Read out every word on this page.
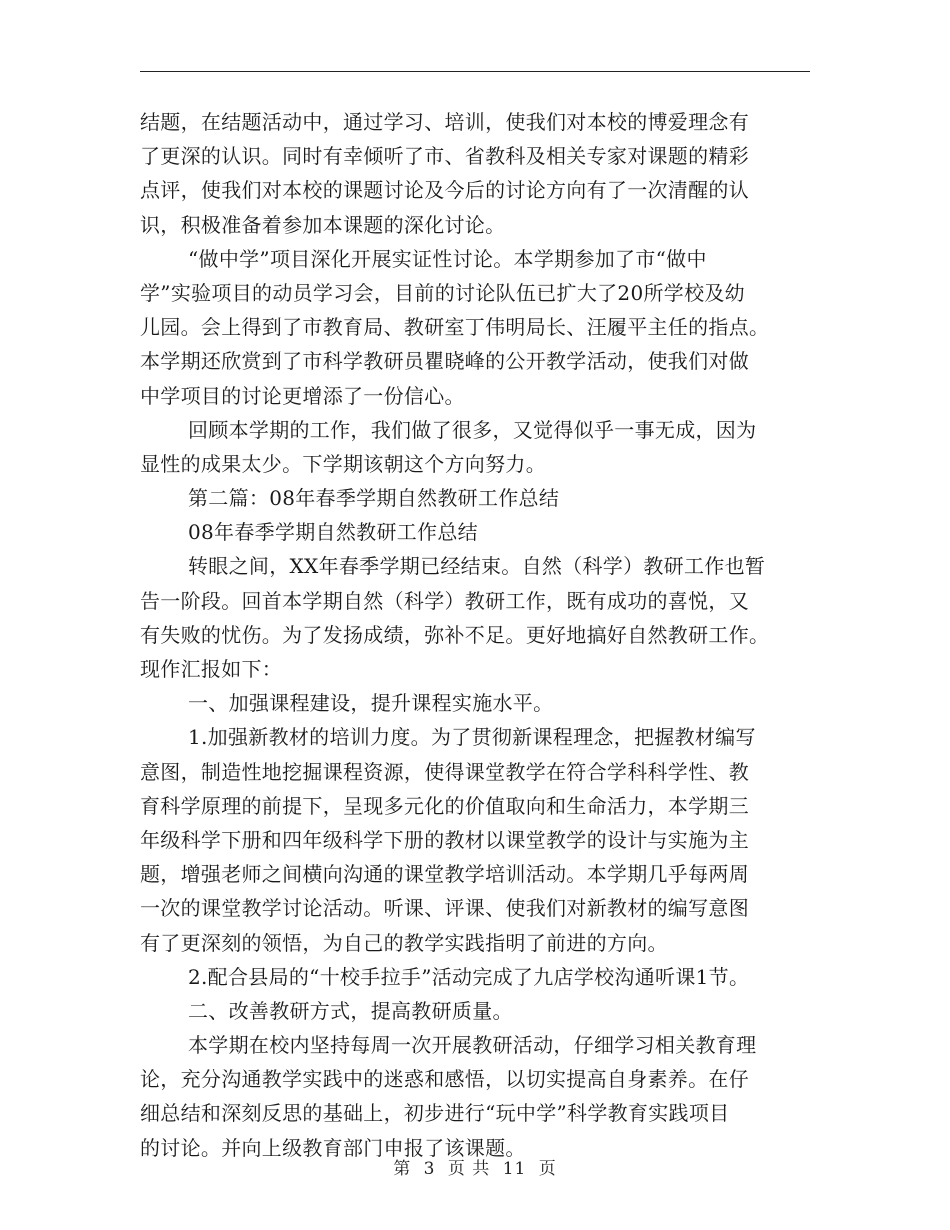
结题，在结题活动中，通过学习、培训，使我们对本校的博爱理念有
了更深的认识。同时有幸倾听了市、省教科及相关专家对课题的精彩
点评，使我们对本校的课题讨论及今后的讨论方向有了一次清醒的认
识，积极准备着参加本课题的深化讨论。
“做中学”项目深化开展实证性讨论。本学期参加了市“做中
学”实验项目的动员学习会，目前的讨论队伍已扩大了20所学校及幼
儿园。会上得到了市教育局、教研室丁伟明局长、汪履平主任的指点。
本学期还欣赏到了市科学教研员瞿晓峰的公开教学活动，使我们对做
中学项目的讨论更增添了一份信心。
回顾本学期的工作，我们做了很多，又觉得似乎一事无成，因为
显性的成果太少。下学期该朝这个方向努力。
第二篇：08年春季学期自然教研工作总结
08年春季学期自然教研工作总结
转眼之间，XX年春季学期已经结束。自然（科学）教研工作也暂
告一阶段。回首本学期自然（科学）教研工作，既有成功的喜悦，又
有失败的忧伤。为了发扬成绩，弥补不足。更好地搞好自然教研工作。
现作汇报如下：
一、加强课程建设，提升课程实施水平。
1.加强新教材的培训力度。为了贯彻新课程理念，把握教材编写
意图，制造性地挖掘课程资源，使得课堂教学在符合学科科学性、教
育科学原理的前提下，呈现多元化的价值取向和生命活力，本学期三
年级科学下册和四年级科学下册的教材以课堂教学的设计与实施为主
题，增强老师之间横向沟通的课堂教学培训活动。本学期几乎每两周
一次的课堂教学讨论活动。听课、评课、使我们对新教材的编写意图
有了更深刻的领悟，为自己的教学实践指明了前进的方向。
2.配合县局的“十校手拉手”活动完成了九店学校沟通听课1节。
二、改善教研方式，提高教研质量。
本学期在校内坚持每周一次开展教研活动，仔细学习相关教育理
论，充分沟通教学实践中的迷惑和感悟，以切实提高自身素养。在仔
细总结和深刻反思的基础上，初步进行“玩中学”科学教育实践项目
的讨论。并向上级教育部门申报了该课题。
第 3 页 共 11 页
